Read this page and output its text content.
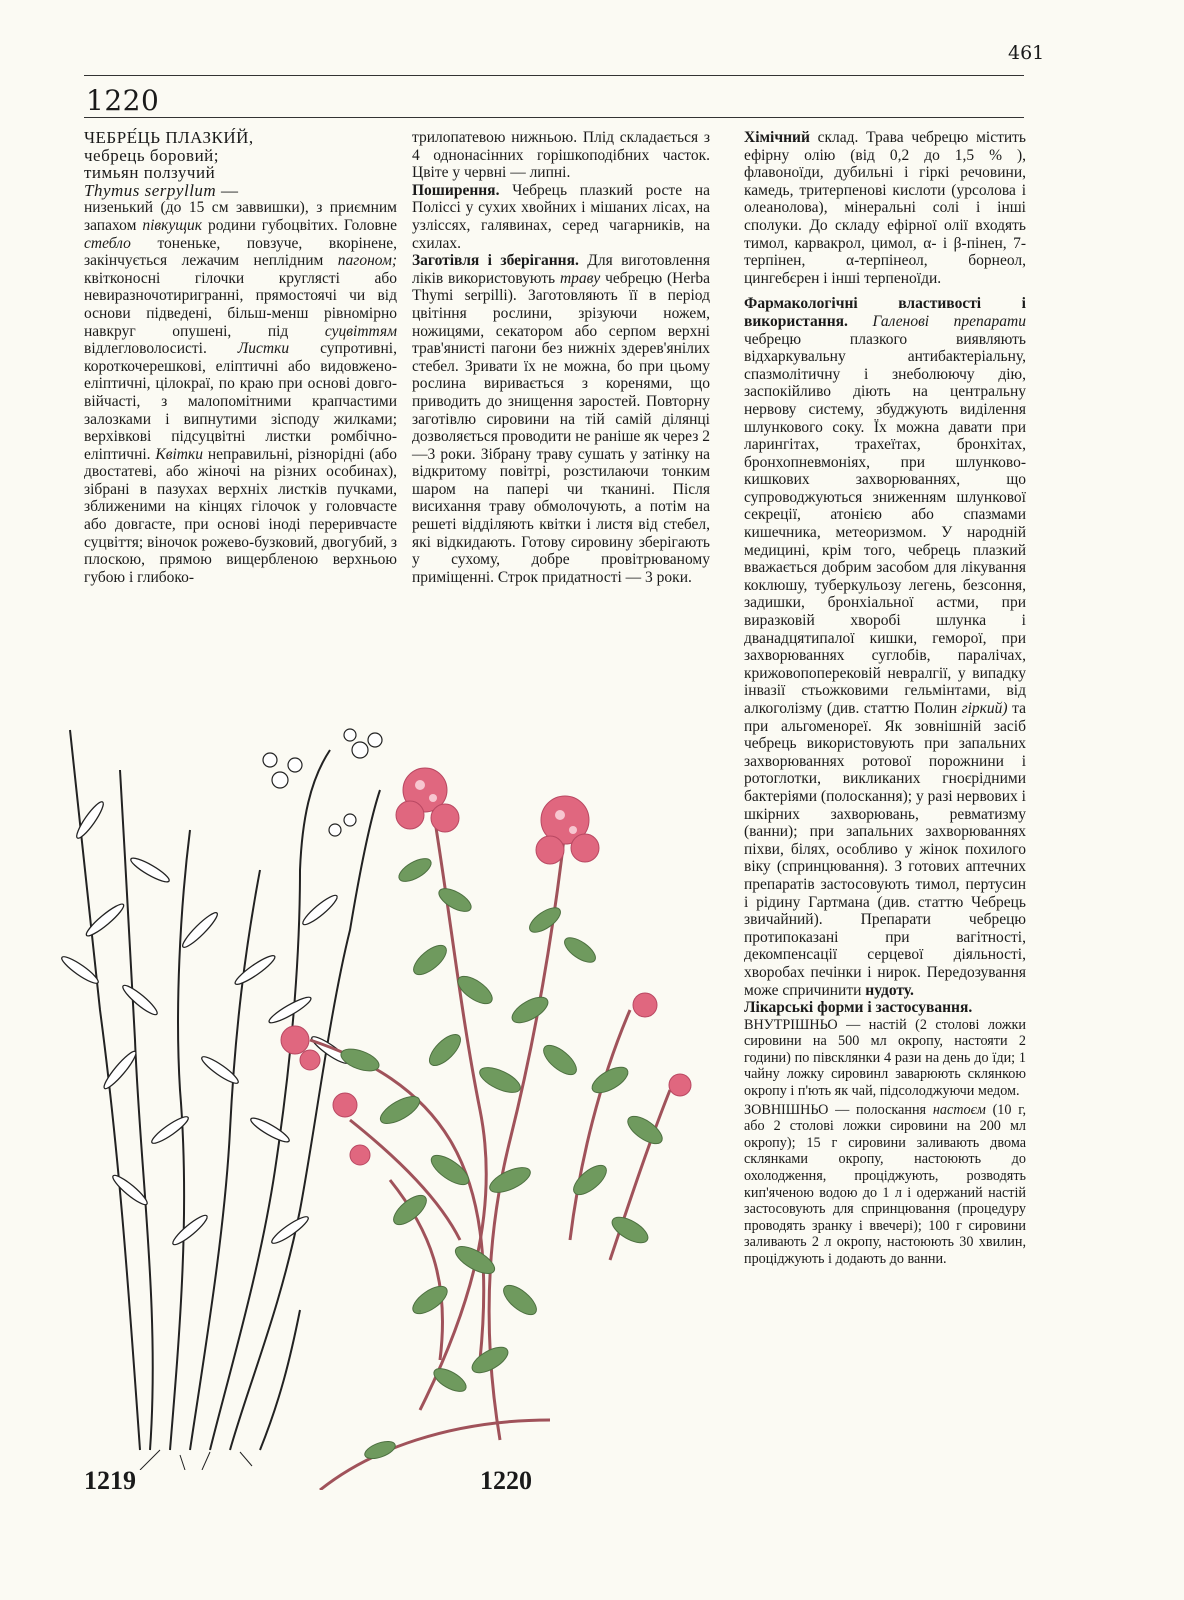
461
1220
ЧЕБРЕ́ЦЬ ПЛАЗКИ́Й,
чебрець боровий;
тимьян ползучий
Thymus serpyllum —

низенький (до 15 см заввишки), з приємним запахом півкущик родини губоцвітих. Головне стебло тоненьке, повзуче, вкорінене, закінчується лежачим неплідним пагоном; квітконосні гілочки круглясті або невиразночотиригранні, прямостоячі чи від основи підведені, більш-менш рівномірно навкруг опушені, під суцвіттям відлегловолосисті. Листки супротивні, короткочерешкові, еліптичні або видовжено-еліптичні, цілокраї, по краю при основі довго-війчасті, з малопомітними крапчастими залозками і випнутими зісподу жилками; верхівкові підсуцвітні листки ромбічно-еліптичні. Квітки неправильні, різнорідні (або двостатеві, або жіночі на різних особинах), зібрані в пазухах верхніх листків пучками, зближеними на кінцях гілочок у головчасте або довгасте, при основі іноді переривчасте суцвіття; віночок рожево-бузковий, двогубий, з плоскою, прямою вищербленою верхньою губою і глибоко-

трилопатевою нижньою. Плід складається з 4 однонасінних горішкоподібних часток. Цвіте у червні — липні.

Поширення. Чебрець плазкий росте на Поліссі у сухих хвойних і мішаних лісах, на узліссях, галявинах, серед чагарників, на схилах.

Заготівля і зберігання. Для виготовлення ліків використовують траву чебрецю (Herba Thymi serpilli). Заготовляють її в період цвітіння рослини, зрізуючи ножем, ножицями, секатором або серпом верхні трав'янисті пагони без нижніх здерев'янілих стебел. Зривати їх не можна, бо при цьому рослина виривається з коренями, що приводить до знищення заростей. Повторну заготівлю сировини на тій самій ділянці дозволяється проводити не раніше як через 2—3 роки. Зібрану траву сушать у затінку на відкритому повітрі, розстилаючи тонким шаром на папері чи тканині. Після висихання траву обмолочують, а потім на решеті відділяють квітки і листя від стебел, які відкидають. Готову сировину зберігають у сухому, добре провітрюваному приміщенні. Строк придатності — 3 роки.

Хімічний склад. Трава чебрецю містить ефірну олію (від 0,2 до 1,5 % ), флавоноїди, дубильні і гіркі речовини, камедь, тритерпенові кислоти (урсолова і олеанолова), мінеральні солі і інші сполуки. До складу ефірної олії входять тимол, карвакрол, цимол, α- і β-пінен, 7-терпінен, α-терпінеол, борнеол, цингебєрен і інші терпеноїди.

Фармакологічні властивості і використання. Галенові препарати чебрецю плазкого виявляють відхаркувальну антибактеріальну, спазмолітичну і знеболюючу дію, заспокійливо діють на центральну нервову систему, збуджують виділення шлункового соку. Їх можна давати при ларингітах, трахеїтах, бронхітах, бронхопневмоніях, при шлунково-кишкових захворюваннях, що супроводжуються зниженням шлункової секреції, атонією або спазмами кишечника, метеоризмом. У народній медицині, крім того, чебрець плазкий вважається добрим засобом для лікування коклюшу, туберкульозу легень, безсоння, задишки, бронхіальної астми, при виразковій хворобі шлунка і дванадцятипалої кишки, геморої, при захворюваннях суглобів, паралічах, крижовопоперековій невралгії, у випадку інвазії стьожковими гельмінтами, від алкоголізму (див. статтю Полин гіркий) та при альгоменореї. Як зовнішній засіб чебрець використовують при запальних захворюваннях ротової порожнини і ротоглотки, викликаних гноєрідними бактеріями (полоскання); у разі нервових і шкірних захворювань, ревматизму (ванни); при запальних захворюваннях піхви, білях, особливо у жінок похилого віку (спринцювання). З готових аптечних препаратів застосовують тимол, пертусин і рідину Гартмана (див. статтю Чебрець звичайний). Препарати чебрецю протипоказані при вагітності, декомпенсації серцевої діяльності, хворобах печінки і нирок. Передозування може спричинити нудоту.

Лікарські форми і застосування.

ВНУТРІШНЬО — настій (2 столові ложки сировини на 500 мл окропу, настояти 2 години) по півсклянки 4 рази на день до їди; 1 чайну ложку сировинл заварюють склянкою окропу і п'ють як чай, підсолоджуючи медом.

ЗОВНІШНЬО — полоскання настоєм (10 г, або 2 столові ложки сировини на 200 мл окропу); 15 г сировини заливають двома склянками окропу, настоюють до охолодження, проціджують, розводять кип'яченою водою до 1 л і одержаний настій застосовують для спринцювання (процедуру проводять зранку і ввечері); 100 г сировини заливають 2 л окропу, настоюють 30 хвилин, проціджують і додають до ванни.

1219	1220
